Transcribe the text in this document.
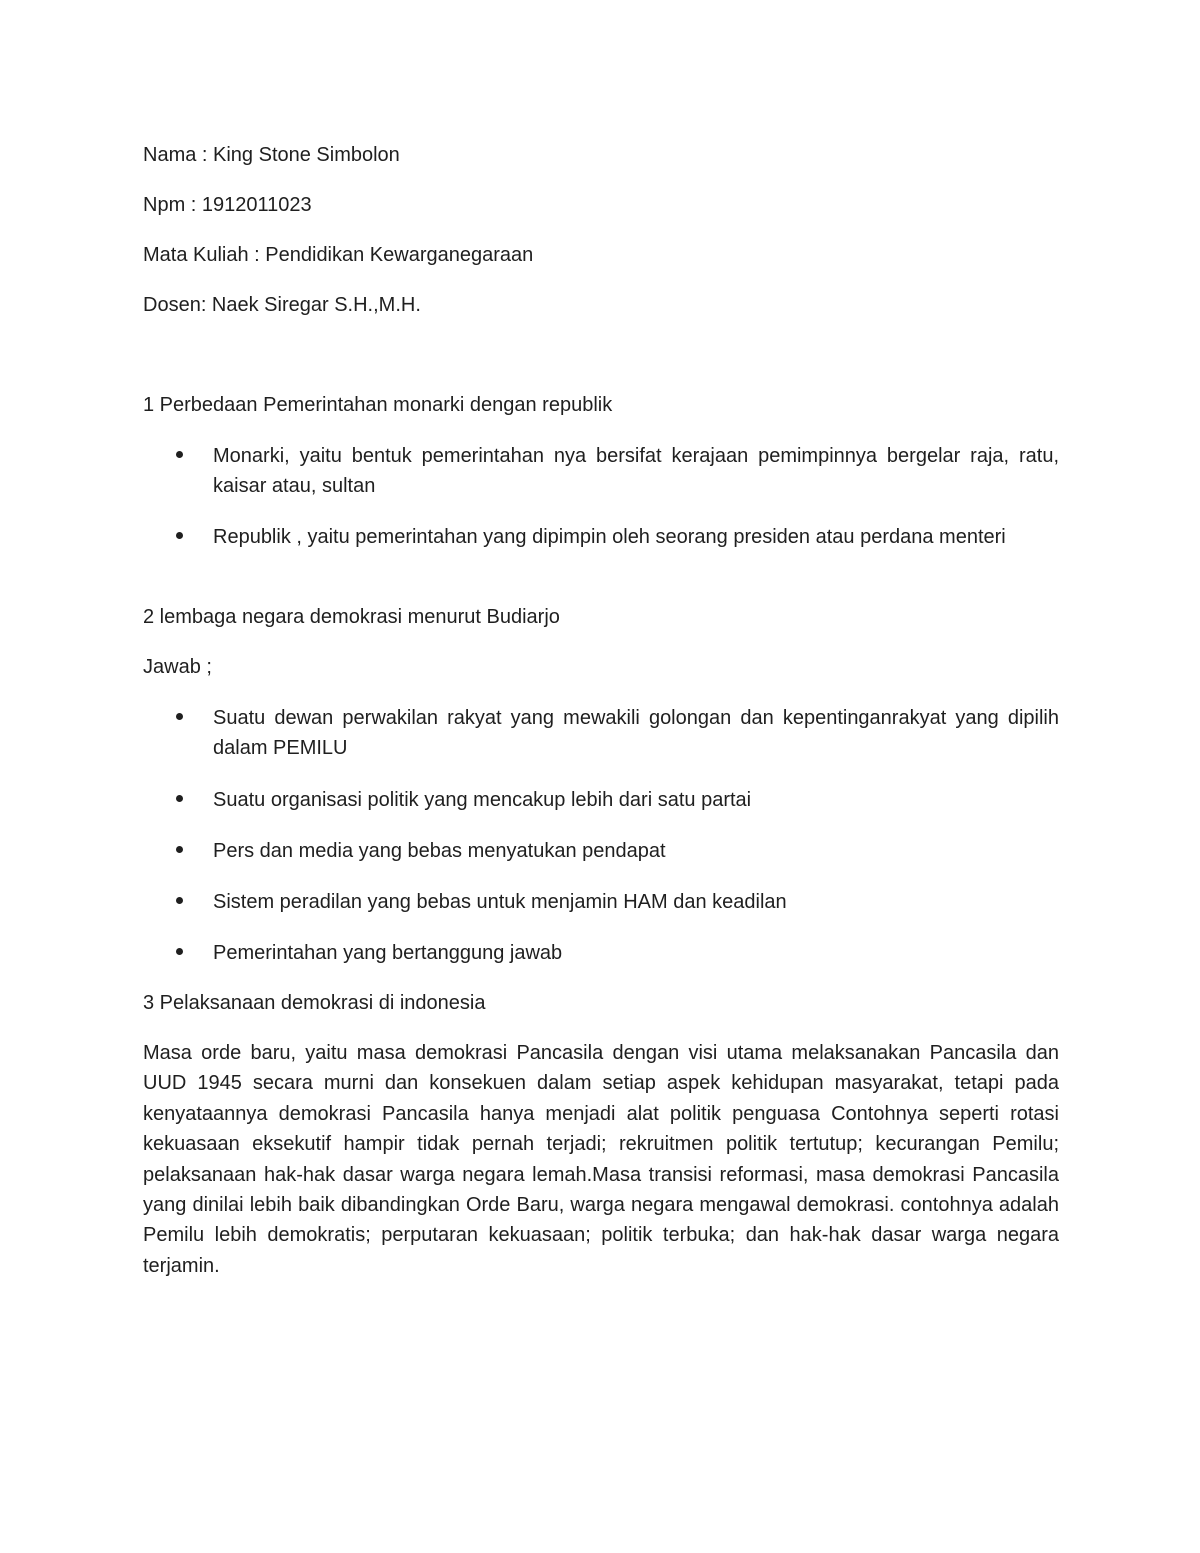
Nama : King Stone Simbolon
Npm : 1912011023
Mata Kuliah : Pendidikan Kewarganegaraan
Dosen: Naek Siregar S.H.,M.H.
1 Perbedaan Pemerintahan monarki dengan republik
Monarki, yaitu bentuk pemerintahan nya bersifat kerajaan pemimpinnya bergelar raja, ratu, kaisar atau, sultan
Republik , yaitu pemerintahan yang dipimpin oleh seorang presiden atau perdana menteri
2 lembaga negara demokrasi menurut Budiarjo
Jawab ;
Suatu dewan perwakilan rakyat yang mewakili golongan dan kepentinganrakyat yang dipilih dalam PEMILU
Suatu organisasi politik yang mencakup lebih dari satu partai
Pers dan media yang bebas menyatukan pendapat
Sistem peradilan yang bebas untuk menjamin HAM dan keadilan
Pemerintahan yang bertanggung jawab
3 Pelaksanaan demokrasi di indonesia

Masa orde baru, yaitu masa demokrasi Pancasila dengan visi utama melaksanakan Pancasila dan UUD 1945 secara murni dan konsekuen dalam setiap aspek kehidupan masyarakat, tetapi pada kenyataannya demokrasi Pancasila hanya menjadi alat politik penguasa Contohnya seperti rotasi kekuasaan eksekutif hampir tidak pernah terjadi; rekruitmen politik tertutup; kecurangan Pemilu; pelaksanaan hak-hak dasar warga negara lemah.Masa transisi reformasi, masa demokrasi Pancasila yang dinilai lebih baik dibandingkan Orde Baru, warga negara mengawal demokrasi. contohnya adalah Pemilu lebih demokratis; perputaran kekuasaan; politik terbuka; dan hak-hak dasar warga negara terjamin.
